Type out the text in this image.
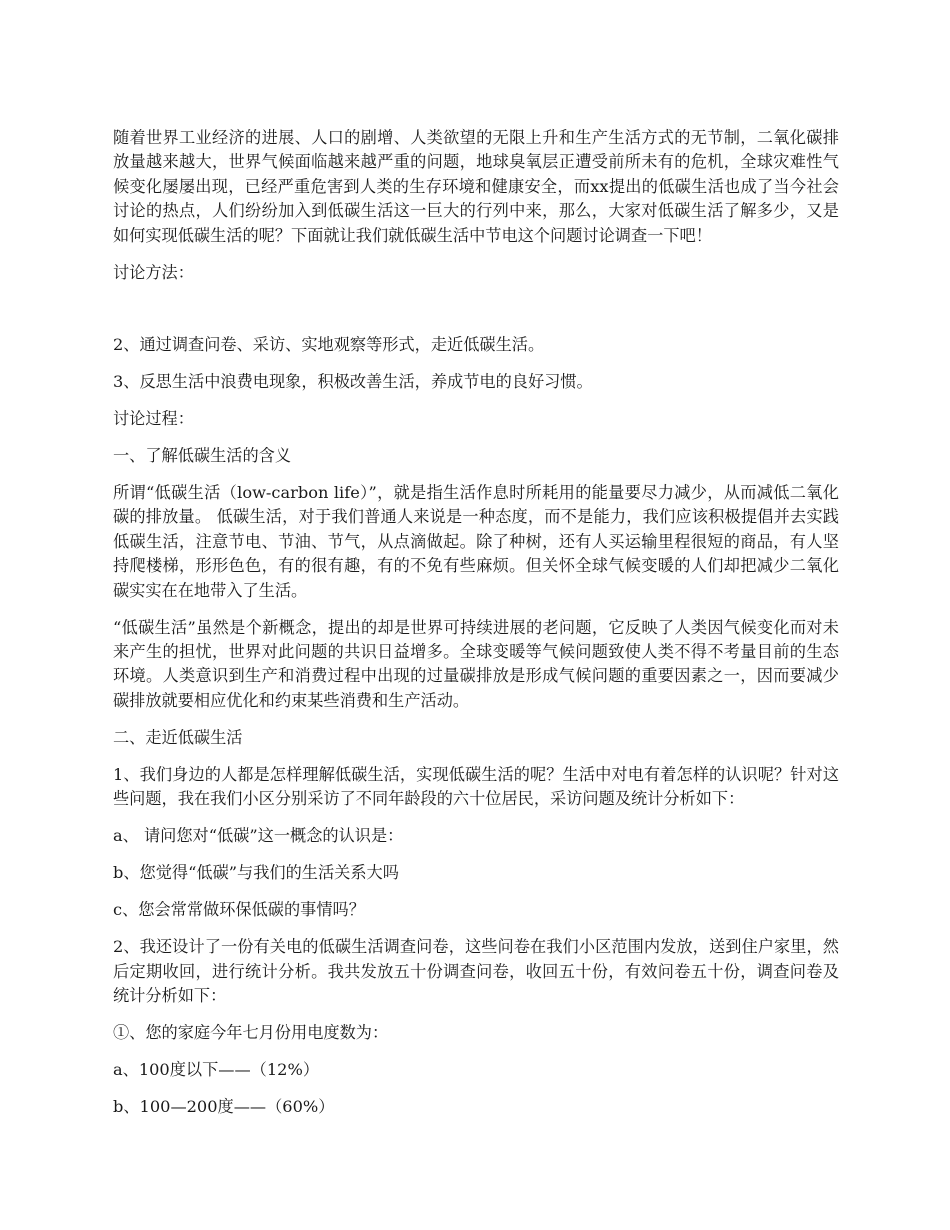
随着世界工业经济的进展、人口的剧增、人类欲望的无限上升和生产生活方式的无节制，二氧化碳排放量越来越大，世界气候面临越来越严重的问题，地球臭氧层正遭受前所未有的危机，全球灾难性气候变化屡屡出现，已经严重危害到人类的生存环境和健康安全，而xx提出的低碳生活也成了当今社会讨论的热点，人们纷纷加入到低碳生活这一巨大的行列中来，那么，大家对低碳生活了解多少，又是如何实现低碳生活的呢？下面就让我们就低碳生活中节电这个问题讨论调查一下吧！

讨论方法：

2、通过调查问卷、采访、实地观察等形式，走近低碳生活。

3、反思生活中浪费电现象，积极改善生活，养成节电的良好习惯。

讨论过程：

一、了解低碳生活的含义

所谓“低碳生活（low-carbon life）”，就是指生活作息时所耗用的能量要尽力减少，从而减低二氧化碳的排放量。 低碳生活，对于我们普通人来说是一种态度，而不是能力，我们应该积极提倡并去实践低碳生活，注意节电、节油、节气，从点滴做起。除了种树，还有人买运输里程很短的商品，有人坚持爬楼梯，形形色色，有的很有趣，有的不免有些麻烦。但关怀全球气候变暖的人们却把减少二氧化碳实实在在地带入了生活。

“低碳生活”虽然是个新概念，提出的却是世界可持续进展的老问题，它反映了人类因气候变化而对未来产生的担忧，世界对此问题的共识日益增多。全球变暖等气候问题致使人类不得不考量目前的生态环境。人类意识到生产和消费过程中出现的过量碳排放是形成气候问题的重要因素之一，因而要减少碳排放就要相应优化和约束某些消费和生产活动。

二、走近低碳生活

1、我们身边的人都是怎样理解低碳生活，实现低碳生活的呢？生活中对电有着怎样的认识呢？针对这些问题，我在我们小区分别采访了不同年龄段的六十位居民，采访问题及统计分析如下：

a、 请问您对“低碳”这一概念的认识是：

b、您觉得“低碳”与我们的生活关系大吗

c、您会常常做环保低碳的事情吗？

2、我还设计了一份有关电的低碳生活调查问卷，这些问卷在我们小区范围内发放，送到住户家里，然后定期收回，进行统计分析。我共发放五十份调查问卷，收回五十份，有效问卷五十份，调查问卷及统计分析如下：

①、您的家庭今年七月份用电度数为：

a、100度以下——（12%）

b、100—200度——（60%）
